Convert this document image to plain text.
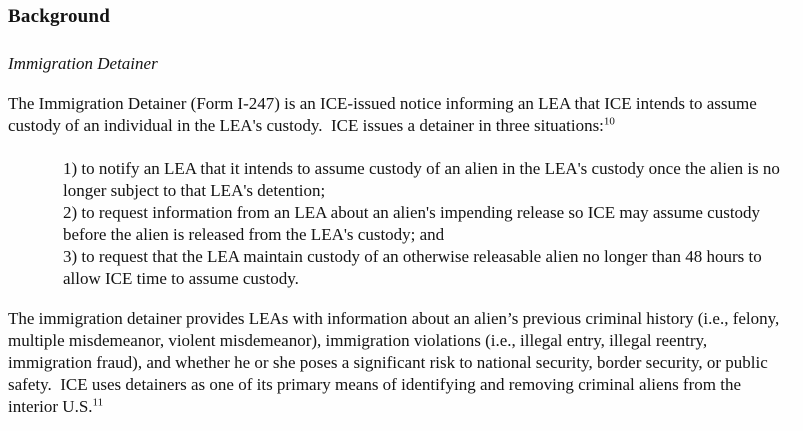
Background
Immigration Detainer

The Immigration Detainer (Form I-247) is an ICE-issued notice informing an LEA that ICE intends to assume custody of an individual in the LEA's custody.  ICE issues a detainer in three situations:$^{10}$

1) to notify an LEA that it intends to assume custody of an alien in the LEA's custody once the alien is no longer subject to that LEA's detention;

2) to request information from an LEA about an alien's impending release so ICE may assume custody before the alien is released from the LEA's custody; and

3) to request that the LEA maintain custody of an otherwise releasable alien no longer than 48 hours to allow ICE time to assume custody.

The immigration detainer provides LEAs with information about an alien’s previous criminal history (i.e., felony, multiple misdemeanor, violent misdemeanor), immigration violations (i.e., illegal entry, illegal reentry, immigration fraud), and whether he or she poses a significant risk to national security, border security, or public safety.  ICE uses detainers as one of its primary means of identifying and removing criminal aliens from the interior U.S.$^{11}$
